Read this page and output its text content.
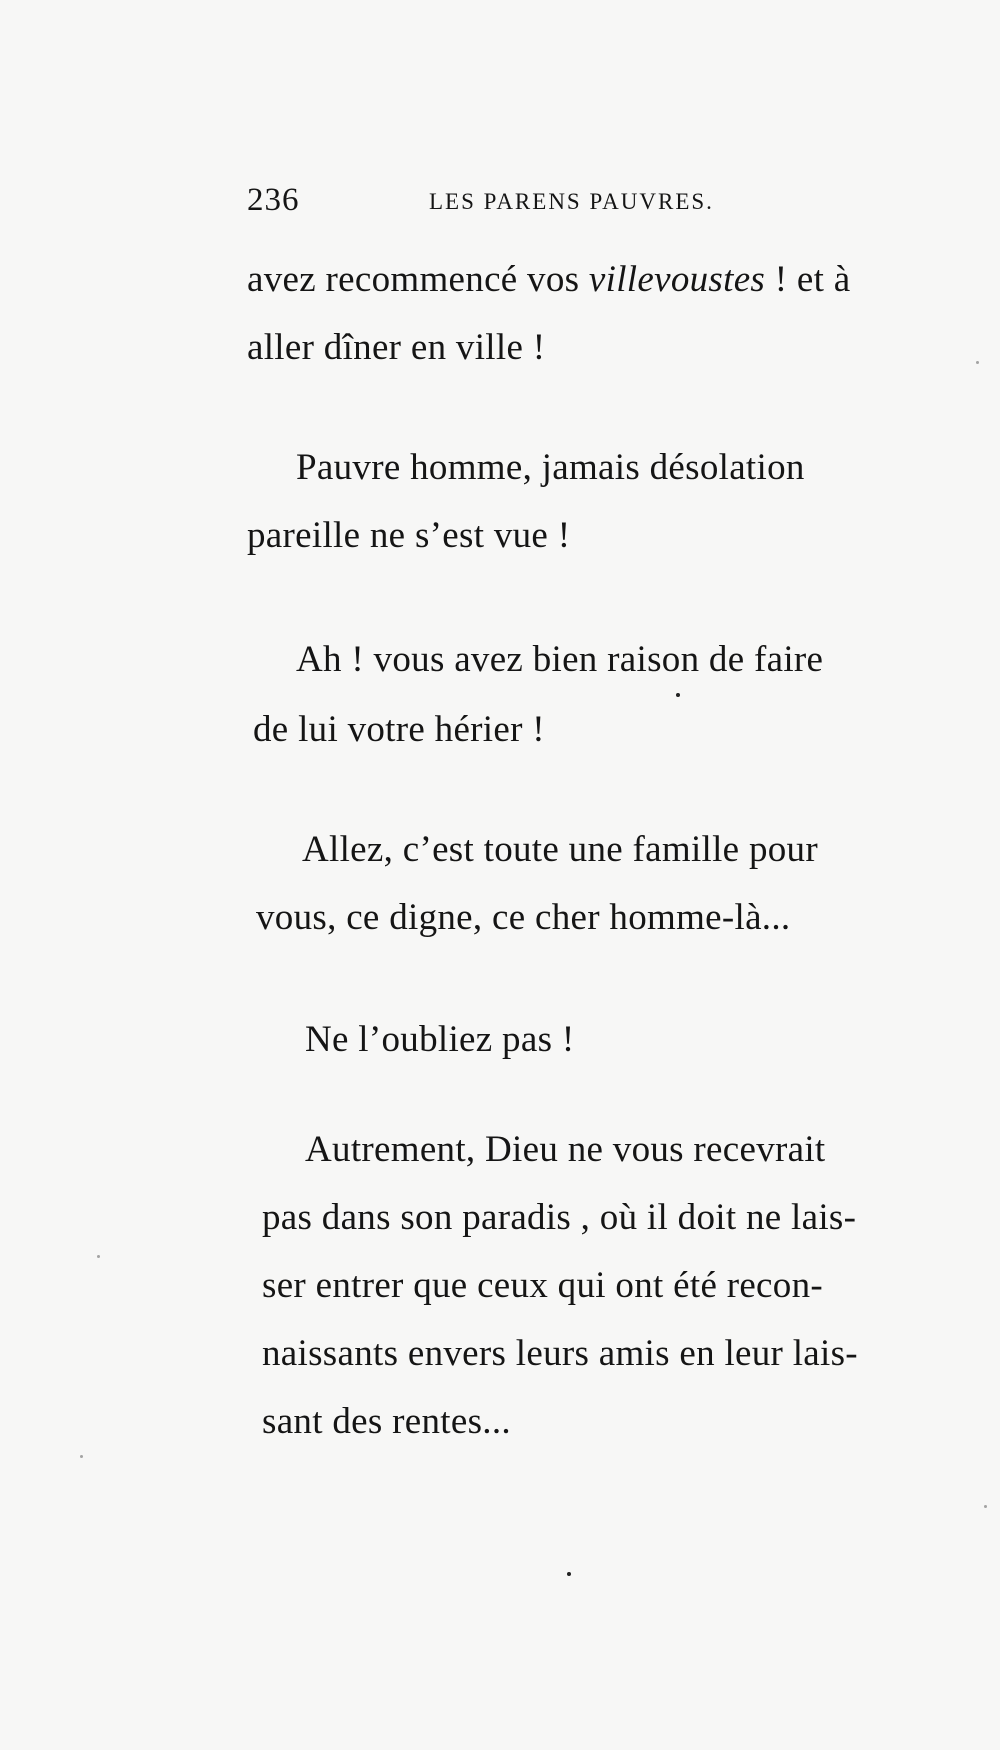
236	LES PARENS PAUVRES.
avez recommencé vos villevoustes ! et à
aller dîner en ville !
Pauvre homme, jamais désolation
pareille ne s’est vue !
Ah ! vous avez bien raison de faire
de lui votre hérier !
Allez, c’est toute une famille pour
vous, ce digne, ce cher homme-là...
Ne l’oubliez pas !
Autrement, Dieu ne vous recevrait
pas dans son paradis , où il doit ne lais-
ser entrer que ceux qui ont été recon-
naissants envers leurs amis en leur lais-
sant des rentes...
